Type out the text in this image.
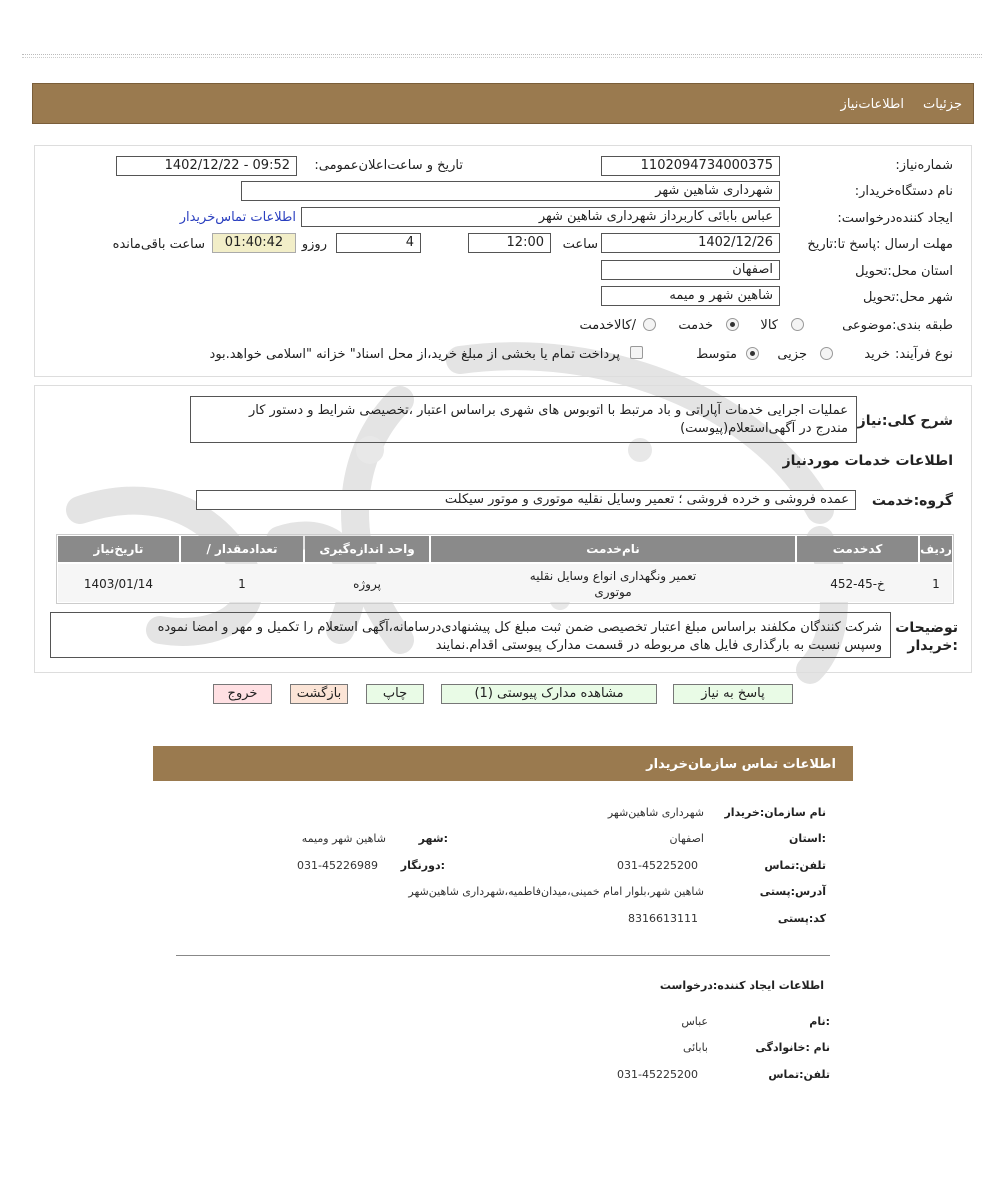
جزئیات
اطلاعات‌نیاز
شماره‌نیاز:
1102094734000375
تاریخ و ساعت‌اعلان‌عمومی:
1402/12/22 - 09:52
نام دستگاه‌خریدار:
شهرداری شاهین شهر
ایجاد کننده‌درخواست:
عباس بابائی کاربرداز شهرداری شاهین شهر
اطلاعات تماس‌خریدار
مهلت ارسال :پاسخ تا:تاریخ
1402/12/26
ساعت
12:00
4
روزو
01:40:42
ساعت باقی‌مانده
استان محل:تحویل
اصفهان
شهر محل:تحویل
شاهین شهر و میمه
طبقه بندی:موضوعی
کالا
خدمت
/کالاخدمت
نوع فرآیند:
خرید
جزیی
متوسط
پرداخت تمام یا بخشی از مبلغ خرید،از محل اسناد" خزانه "اسلامی خواهد.بود
شرح کلی:نیاز
عملیات اجرایی خدمات آپاراتی و باد مرتبط با اتوبوس های شهری براساس اعتبار ،تخصیصی شرایط و دستور کار
مندرج در آگهی‌استعلام(پیوست)
اطلاعات خدمات موردنیاز
گروه:خدمت
عمده فروشی و خرده فروشی ؛ تعمیر وسایل نقلیه موتوری و موتور سیکلت
ردیف
کدخدمت
نام‌خدمت
واحد اندازه‌گیری
/ تعدادمقدار
تاریخ‌نیاز
1
خ-45-452
تعمیر ونگهداری انواع وسایل نقلیه
موتوری
پروژه
1
1403/01/14
توضیحات
:خریدار
شرکت کنندگان مکلفند براساس مبلغ اعتبار تخصیصی ضمن ثبت مبلغ کل پیشنهادی‌درسامانه،آگهی استعلام را تکمیل و مهر و امضا نموده
وسپس نسبت به بارگذاری فایل های مربوطه در قسمت مدارک پیوستی اقدام.نمایند
پاسخ به نیاز
مشاهده مدارک پیوستی (1)
چاپ
بازگشت
خروج
اطلاعات تماس سازمان‌خریدار
نام سازمان:خریدار
شهرداری شاهین‌شهر
:استان
اصفهان
:شهر
شاهین شهر ومیمه
تلفن:تماس
031-45225200
:دورنگار
031-45226989
آدرس:پستی
شاهین شهر،بلوار امام خمینی،میدان‌فاطمیه،شهرداری شاهین‌شهر
کد:پستی
8316613111
اطلاعات ایجاد کننده:درخواست
:نام
عباس
نام :خانوادگی
بابائی
تلفن:تماس
031-45225200
